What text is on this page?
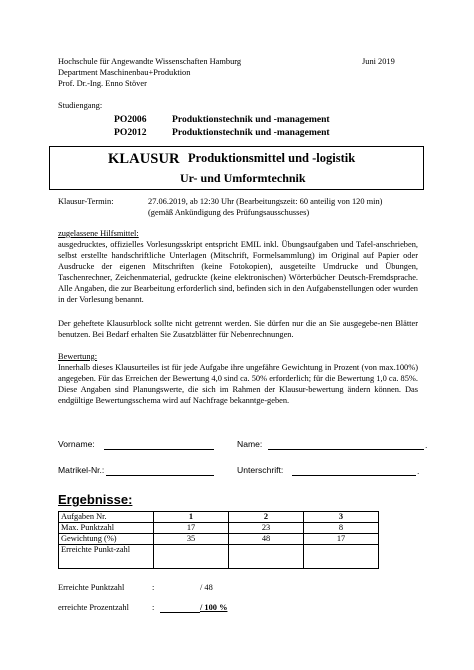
Hochschule für Angewandte Wissenschaften Hamburg
Department Maschinenbau+Produktion
Prof. Dr.-Ing. Enno Stöver
Juni 2019
Studiengang:
PO2006	Produktionstechnik und -management
PO2012	Produktionstechnik und -management
KLAUSUR Produktionsmittel und -logistik
Ur- und Umformtechnik
Klausur-Termin:	27.06.2019, ab 12:30 Uhr (Bearbeitungszeit: 60 anteilig von 120 min)
(gemäß Ankündigung des Prüfungsausschusses)

zugelassene Hilfsmittel:

ausgedrucktes, offizielles Vorlesungsskript entspricht EMIL inkl. Übungsaufgaben und Tafel-anschrieben, selbst erstellte handschriftliche Unterlagen (Mitschrift, Formelsammlung) im Original auf Papier oder Ausdrucke der eigenen Mitschriften (keine Fotokopien), ausgeteilte Umdrucke und Übungen, Taschenrechner, Zeichenmaterial, gedruckte (keine elektronischen) Wörterbücher Deutsch-Fremdsprache. Alle Angaben, die zur Bearbeitung erforderlich sind, befinden sich in den Aufgabenstellungen oder wurden in der Vorlesung benannt.

Der geheftete Klausurblock sollte nicht getrennt werden. Sie dürfen nur die an Sie ausgegebe-nen Blätter benutzen. Bei Bedarf erhalten Sie Zusatzblätter für Nebenrechnungen.

Bewertung:

Innerhalb dieses Klausurteiles ist für jede Aufgabe ihre ungefähre Gewichtung in Prozent (von max.100%) angegeben. Für das Erreichen der Bewertung 4,0 sind ca. 50% erforderlich; für die Bewertung 1,0 ca. 85%. Diese Angaben sind Planungswerte, die sich im Rahmen der Klausur-bewertung ändern können. Das endgültige Bewertungsschema wird auf Nachfrage bekanntge-geben.

Vorname:	Name:	.
Matrikel-Nr.:	Unterschrift:	.
Ergebnisse:
Aufgaben Nr.	1	2	3
Max. Punktzahl	17	23	8
Gewichtung (%)	35	48	17
Erreichte Punkt-zahl			
Erreichte Punktzahl	:	/ 48
erreichte Prozentzahl	:	/ 100 %
